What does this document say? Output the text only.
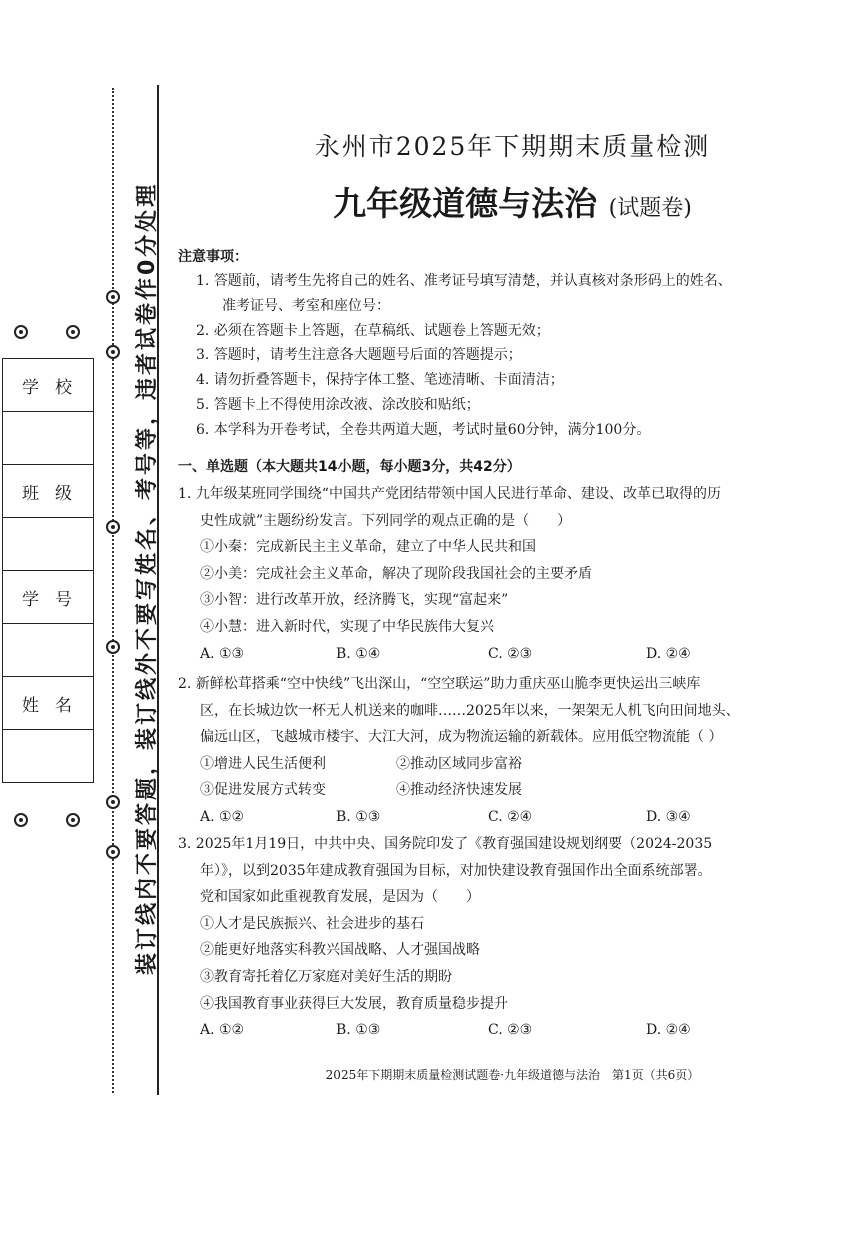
装订线内不要答题，装订线外不要写姓名、考号等，违者试卷作0分处理
学校

班级

学号

姓名

永州市2025年下期期末质量检测
九年级道德与法治 (试题卷)
注意事项：
1. 答题前，请考生先将自己的姓名、准考证号填写清楚，并认真核对条形码上的姓名、
准考证号、考室和座位号：
2. 必须在答题卡上答题，在草稿纸、试题卷上答题无效；
3. 答题时，请考生注意各大题题号后面的答题提示；
4. 请勿折叠答题卡，保持字体工整、笔迹清晰、卡面清洁；
5. 答题卡上不得使用涂改液、涂改胶和贴纸；
6. 本学科为开卷考试，全卷共两道大题，考试时量60分钟，满分100分。
一、单选题（本大题共14小题，每小题3分，共42分）
1. 九年级某班同学围绕“中国共产党团结带领中国人民进行革命、建设、改革已取得的历
史性成就”主题纷纷发言。下列同学的观点正确的是（　　）
①小秦：完成新民主主义革命，建立了中华人民共和国
②小美：完成社会主义革命，解决了现阶段我国社会的主要矛盾
③小智：进行改革开放，经济腾飞，实现“富起来”
④小慧：进入新时代，实现了中华民族伟大复兴
A. ①③	B. ①④	C. ②③	D. ②④
2. 新鲜松茸搭乘“空中快线”飞出深山，“空空联运”助力重庆巫山脆李更快运出三峡库
区，在长城边饮一杯无人机送来的咖啡……2025年以来，一架架无人机飞向田间地头、
偏远山区，飞越城市楼宇、大江大河，成为物流运输的新载体。应用低空物流能（ ）
①增进人民生活便利	②推动区域同步富裕
③促进发展方式转变	④推动经济快速发展
A. ①②	B. ①③	C. ②④	D. ③④
3. 2025年1月19日，中共中央、国务院印发了《教育强国建设规划纲要（2024-2035
年）》，以到2035年建成教育强国为目标，对加快建设教育强国作出全面系统部署。
党和国家如此重视教育发展，是因为（　　）
①人才是民族振兴、社会进步的基石
②能更好地落实科教兴国战略、人才强国战略
③教育寄托着亿万家庭对美好生活的期盼
④我国教育事业获得巨大发展，教育质量稳步提升
A. ①②	B. ①③	C. ②③	D. ②④
2025年下期期末质量检测试题卷·九年级道德与法治　第1页（共6页）
